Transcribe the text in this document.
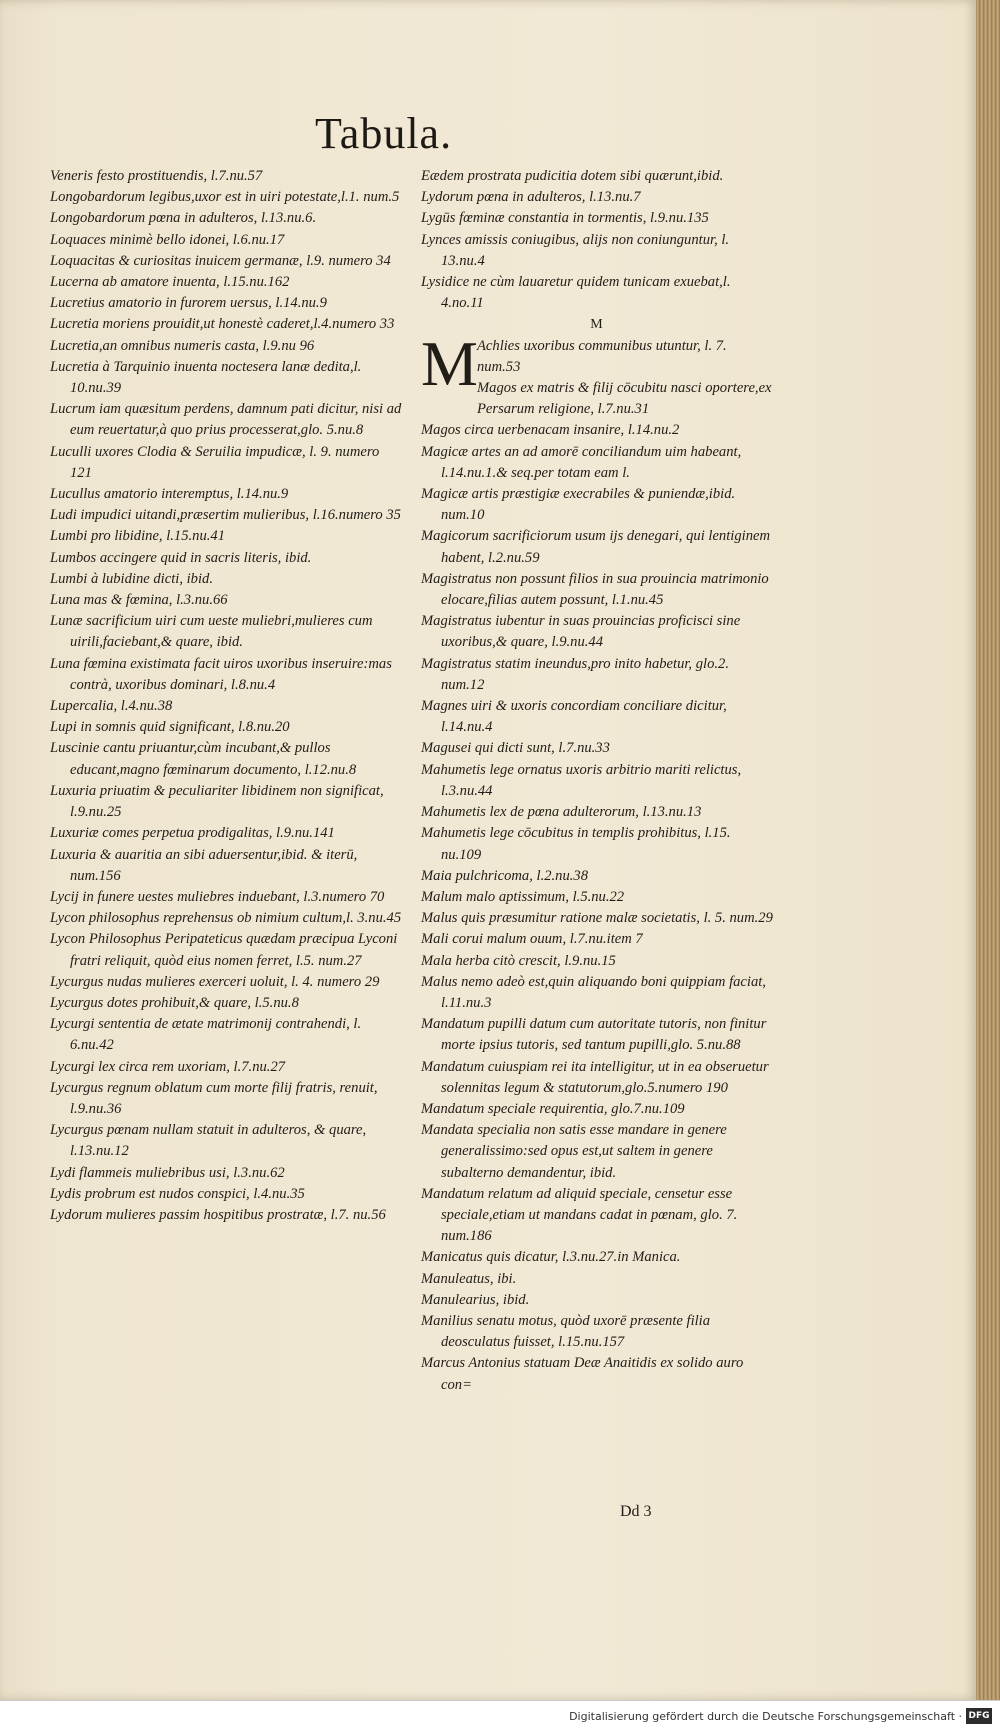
Tabula.
Veneris festo prostituendis, l.7.nu.57
Longobardorum legibus,uxor est in uiri potestate,l.1. num.5
Longobardorum pœna in adulteros, l.13.nu.6.
Loquaces minimè bello idonei, l.6.nu.17
Loquacitas & curiositas inuicem germanæ, l.9. numero 34
Lucerna ab amatore inuenta, l.15.nu.162
Lucretius amatorio in furorem uersus, l.14.nu.9
Lucretia moriens prouidit,ut honestè caderet,l.4.numero 33
Lucretia,an omnibus numeris casta, l.9.nu 96
Lucretia à Tarquinio inuenta noctesera lanæ dedita,l. 10.nu.39
Lucrum iam quæsitum perdens, damnum pati dicitur, nisi ad eum reuertatur,à quo prius processerat,glo. 5.nu.8
Luculli uxores Clodia & Seruilia impudicæ, l. 9. numero 121
Lucullus amatorio interemptus, l.14.nu.9
Ludi impudici uitandi,præsertim mulieribus, l.16.numero 35
Lumbi pro libidine, l.15.nu.41
Lumbos accingere quid in sacris literis, ibid.
Lumbi à lubidine dicti, ibid.
Luna mas & fœmina, l.3.nu.66
Lunæ sacrificium uiri cum ueste muliebri,mulieres cum uirili,faciebant,& quare, ibid.
Luna fœmina existimata facit uiros uxoribus inseruire:mas contrà, uxoribus dominari, l.8.nu.4
Lupercalia, l.4.nu.38
Lupi in somnis quid significant, l.8.nu.20
Luscinie cantu priuantur,cùm incubant,& pullos educant,magno fœminarum documento, l.12.nu.8
Luxuria priuatim & peculiariter libidinem non significat, l.9.nu.25
Luxuriæ comes perpetua prodigalitas, l.9.nu.141
Luxuria & auaritia an sibi aduersentur,ibid. & iterū, num.156
Lycij in funere uestes muliebres induebant, l.3.numero 70
Lycon philosophus reprehensus ob nimium cultum,l. 3.nu.45
Lycon Philosophus Peripateticus quædam præcipua Lyconi fratri reliquit, quòd eius nomen ferret, l.5. num.27
Lycurgus nudas mulieres exerceri uoluit, l. 4. numero 29
Lycurgus dotes prohibuit,& quare, l.5.nu.8
Lycurgi sententia de ætate matrimonij contrahendi, l. 6.nu.42
Lycurgi lex circa rem uxoriam, l.7.nu.27
Lycurgus regnum oblatum cum morte filij fratris, renuit, l.9.nu.36
Lycurgus pœnam nullam statuit in adulteros, & quare, l.13.nu.12
Lydi flammeis muliebribus usi, l.3.nu.62
Lydis probrum est nudos conspici, l.4.nu.35
Lydorum mulieres passim hospitibus prostratæ, l.7. nu.56
Eædem prostrata pudicitia dotem sibi quærunt,ibid.
Lydorum pœna in adulteros, l.13.nu.7
Lygūs fœminæ constantia in tormentis, l.9.nu.135
Lynces amissis coniugibus, alijs non coniunguntur, l. 13.nu.4
Lysidice ne cùm lauaretur quidem tunicam exuebat,l. 4.no.11
M
M Achlies uxoribus communibus utuntur, l. 7. num.53
Magos ex matris & filij cōcubitu nasci oportere,ex Persarum religione, l.7.nu.31
Magos circa uerbenacam insanire, l.14.nu.2
Magicæ artes an ad amorē conciliandum uim habeant, l.14.nu.1.& seq.per totam eam l.
Magicæ artis præstigiæ execrabiles & puniendæ,ibid. num.10
Magicorum sacrificiorum usum ijs denegari, qui lentiginem habent, l.2.nu.59
Magistratus non possunt filios in sua prouincia matrimonio elocare,filias autem possunt, l.1.nu.45
Magistratus iubentur in suas prouincias proficisci sine uxoribus,& quare, l.9.nu.44
Magistratus statim ineundus,pro inito habetur, glo.2. num.12
Magnes uiri & uxoris concordiam conciliare dicitur, l.14.nu.4
Magusei qui dicti sunt, l.7.nu.33
Mahumetis lege ornatus uxoris arbitrio mariti relictus, l.3.nu.44
Mahumetis lex de pœna adulterorum, l.13.nu.13
Mahumetis lege cōcubitus in templis prohibitus, l.15. nu.109
Maia pulchricoma, l.2.nu.38
Malum malo aptissimum, l.5.nu.22
Malus quis præsumitur ratione malæ societatis, l. 5. num.29
Mali corui malum ouum, l.7.nu.item 7
Mala herba citò crescit, l.9.nu.15
Malus nemo adeò est,quin aliquando boni quippiam faciat, l.11.nu.3
Mandatum pupilli datum cum autoritate tutoris, non finitur morte ipsius tutoris, sed tantum pupilli,glo. 5.nu.88
Mandatum cuiuspiam rei ita intelligitur, ut in ea obseruetur solennitas legum & statutorum,glo.5.numero 190
Mandatum speciale requirentia, glo.7.nu.109
Mandata specialia non satis esse mandare in genere generalissimo:sed opus est,ut saltem in genere subalterno demandentur, ibid.
Mandatum relatum ad aliquid speciale, censetur esse speciale,etiam ut mandans cadat in pœnam, glo. 7. num.186
Manicatus quis dicatur, l.3.nu.27.in Manica.
Manuleatus, ibi.
Manulearius, ibid.
Manilius senatu motus, quòd uxorē præsente filia deosculatus fuisset, l.15.nu.157
Marcus Antonius statuam Deæ Anaitidis ex solido auro con=
Dd 3
Digitalisierung gefördert durch die Deutsche Forschungsgemeinschaft · DFG
